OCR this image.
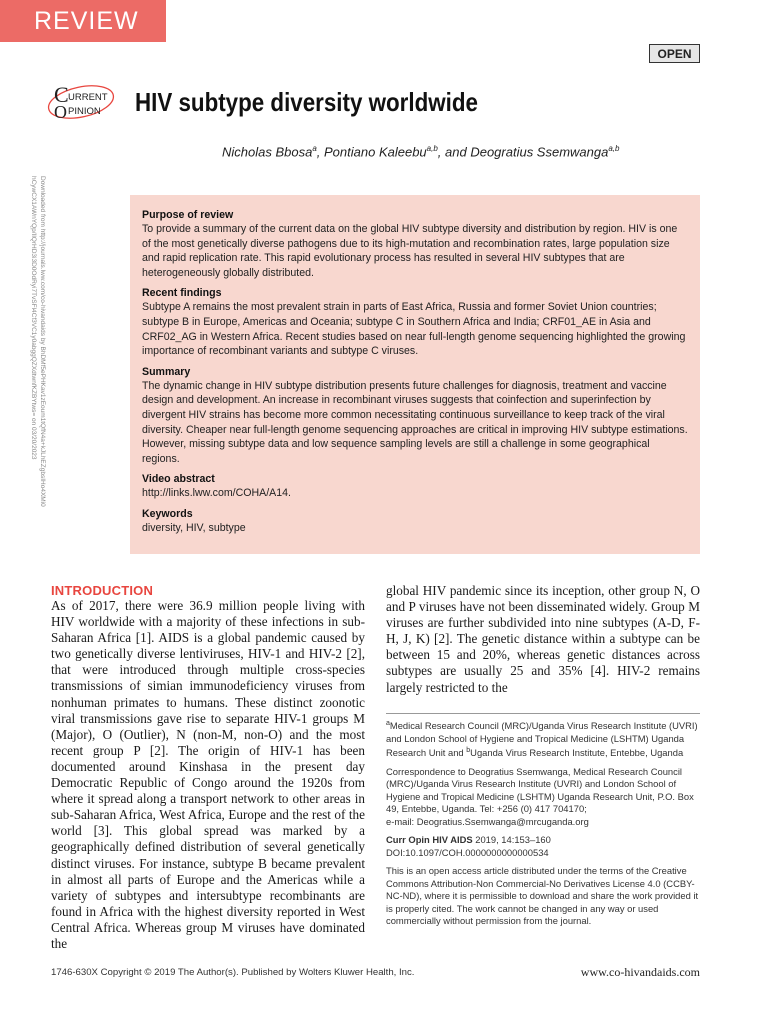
REVIEW
OPEN
C URRENT
O PINION HIV subtype diversity worldwide
Nicholas Bbosa$^a$, Pontiano Kaleebu$^{a,b}$, and Deogratius Ssemwanga$^{a,b}$
Downloaded from http://journals.lww.com/co-hivandaids by BhDMf5ePHKav1zEoum1tQfN4a+kJLhEZgbsIHo4XMi0
hCywCX1AWnYQp/IlQrHD3i3D0OdRyi7TvSFl4Cf3VC1y0abggQZXdtwnfKZBYtws= on 03/20/2023	Purpose of review

To provide a summary of the current data on the global HIV subtype diversity and distribution by region. HIV is one of the most genetically diverse pathogens due to its high-mutation and recombination rates, large population size and rapid replication rate. This rapid evolutionary process has resulted in several HIV subtypes that are heterogeneously globally distributed.

Recent findings

Subtype A remains the most prevalent strain in parts of East Africa, Russia and former Soviet Union countries; subtype B in Europe, Americas and Oceania; subtype C in Southern Africa and India; CRF01_AE in Asia and CRF02_AG in Western Africa. Recent studies based on near full-length genome sequencing highlighted the growing importance of recombinant variants and subtype C viruses.

Summary

The dynamic change in HIV subtype distribution presents future challenges for diagnosis, treatment and vaccine design and development. An increase in recombinant viruses suggests that coinfection and superinfection by divergent HIV strains has become more common necessitating continuous surveillance to keep track of the viral diversity. Cheaper near full-length genome sequencing approaches are critical in improving HIV subtype estimations. However, missing subtype data and low sequence sampling levels are still a challenge in some geographical regions.

Video abstract

http://links.lww.com/COHA/A14.

Keywords

diversity, HIV, subtype

INTRODUCTION

As of 2017, there were 36.9 million people living with HIV worldwide with a majority of these infections in sub-Saharan Africa [1]. AIDS is a global pandemic caused by two genetically diverse lentiviruses, HIV-1 and HIV-2 [2], that were introduced through multiple cross-species transmissions of simian immunodeficiency viruses from nonhuman primates to humans. These distinct zoonotic viral transmissions gave rise to separate HIV-1 groups M (Major), O (Outlier), N (non-M, non-O) and the most recent group P [2]. The origin of HIV-1 has been documented around Kinshasa in the present day Democratic Republic of Congo around the 1920s from where it spread along a transport network to other areas in sub-Saharan Africa, West Africa, Europe and the rest of the world [3]. This global spread was marked by a geographically defined distribution of several genetically distinct viruses. For instance, subtype B became prevalent in almost all parts of Europe and the Americas while a variety of subtypes and intersubtype recombinants are found in Africa with the highest diversity reported in West Central Africa. Whereas group M viruses have dominated the

global HIV pandemic since its inception, other group N, O and P viruses have not been disseminated widely. Group M viruses are further subdivided into nine subtypes (A-D, F-H, J, K) [2]. The genetic distance within a subtype can be between 15 and 20%, whereas genetic distances across subtypes are usually 25 and 35% [4]. HIV-2 remains largely restricted to the

$^a$Medical Research Council (MRC)/Uganda Virus Research Institute (UVRI) and London School of Hygiene and Tropical Medicine (LSHTM) Uganda Research Unit and $^b$Uganda Virus Research Institute, Entebbe, Uganda

Correspondence to Deogratius Ssemwanga, Medical Research Council (MRC)/Uganda Virus Research Institute (UVRI) and London School of Hygiene and Tropical Medicine (LSHTM) Uganda Research Unit, P.O. Box 49, Entebbe, Uganda. Tel: +256 (0) 417 704170;
e-mail: Deogratius.Ssemwanga@mrcuganda.org

Curr Opin HIV AIDS 2019, 14:153–160
DOI:10.1097/COH.0000000000000534

This is an open access article distributed under the terms of the Creative Commons Attribution-Non Commercial-No Derivatives License 4.0 (CCBY-NC-ND), where it is permissible to download and share the work provided it is properly cited. The work cannot be changed in any way or used commercially without permission from the journal.

1746-630X Copyright © 2019 The Author(s). Published by Wolters Kluwer Health, Inc.	www.co-hivandaids.com
